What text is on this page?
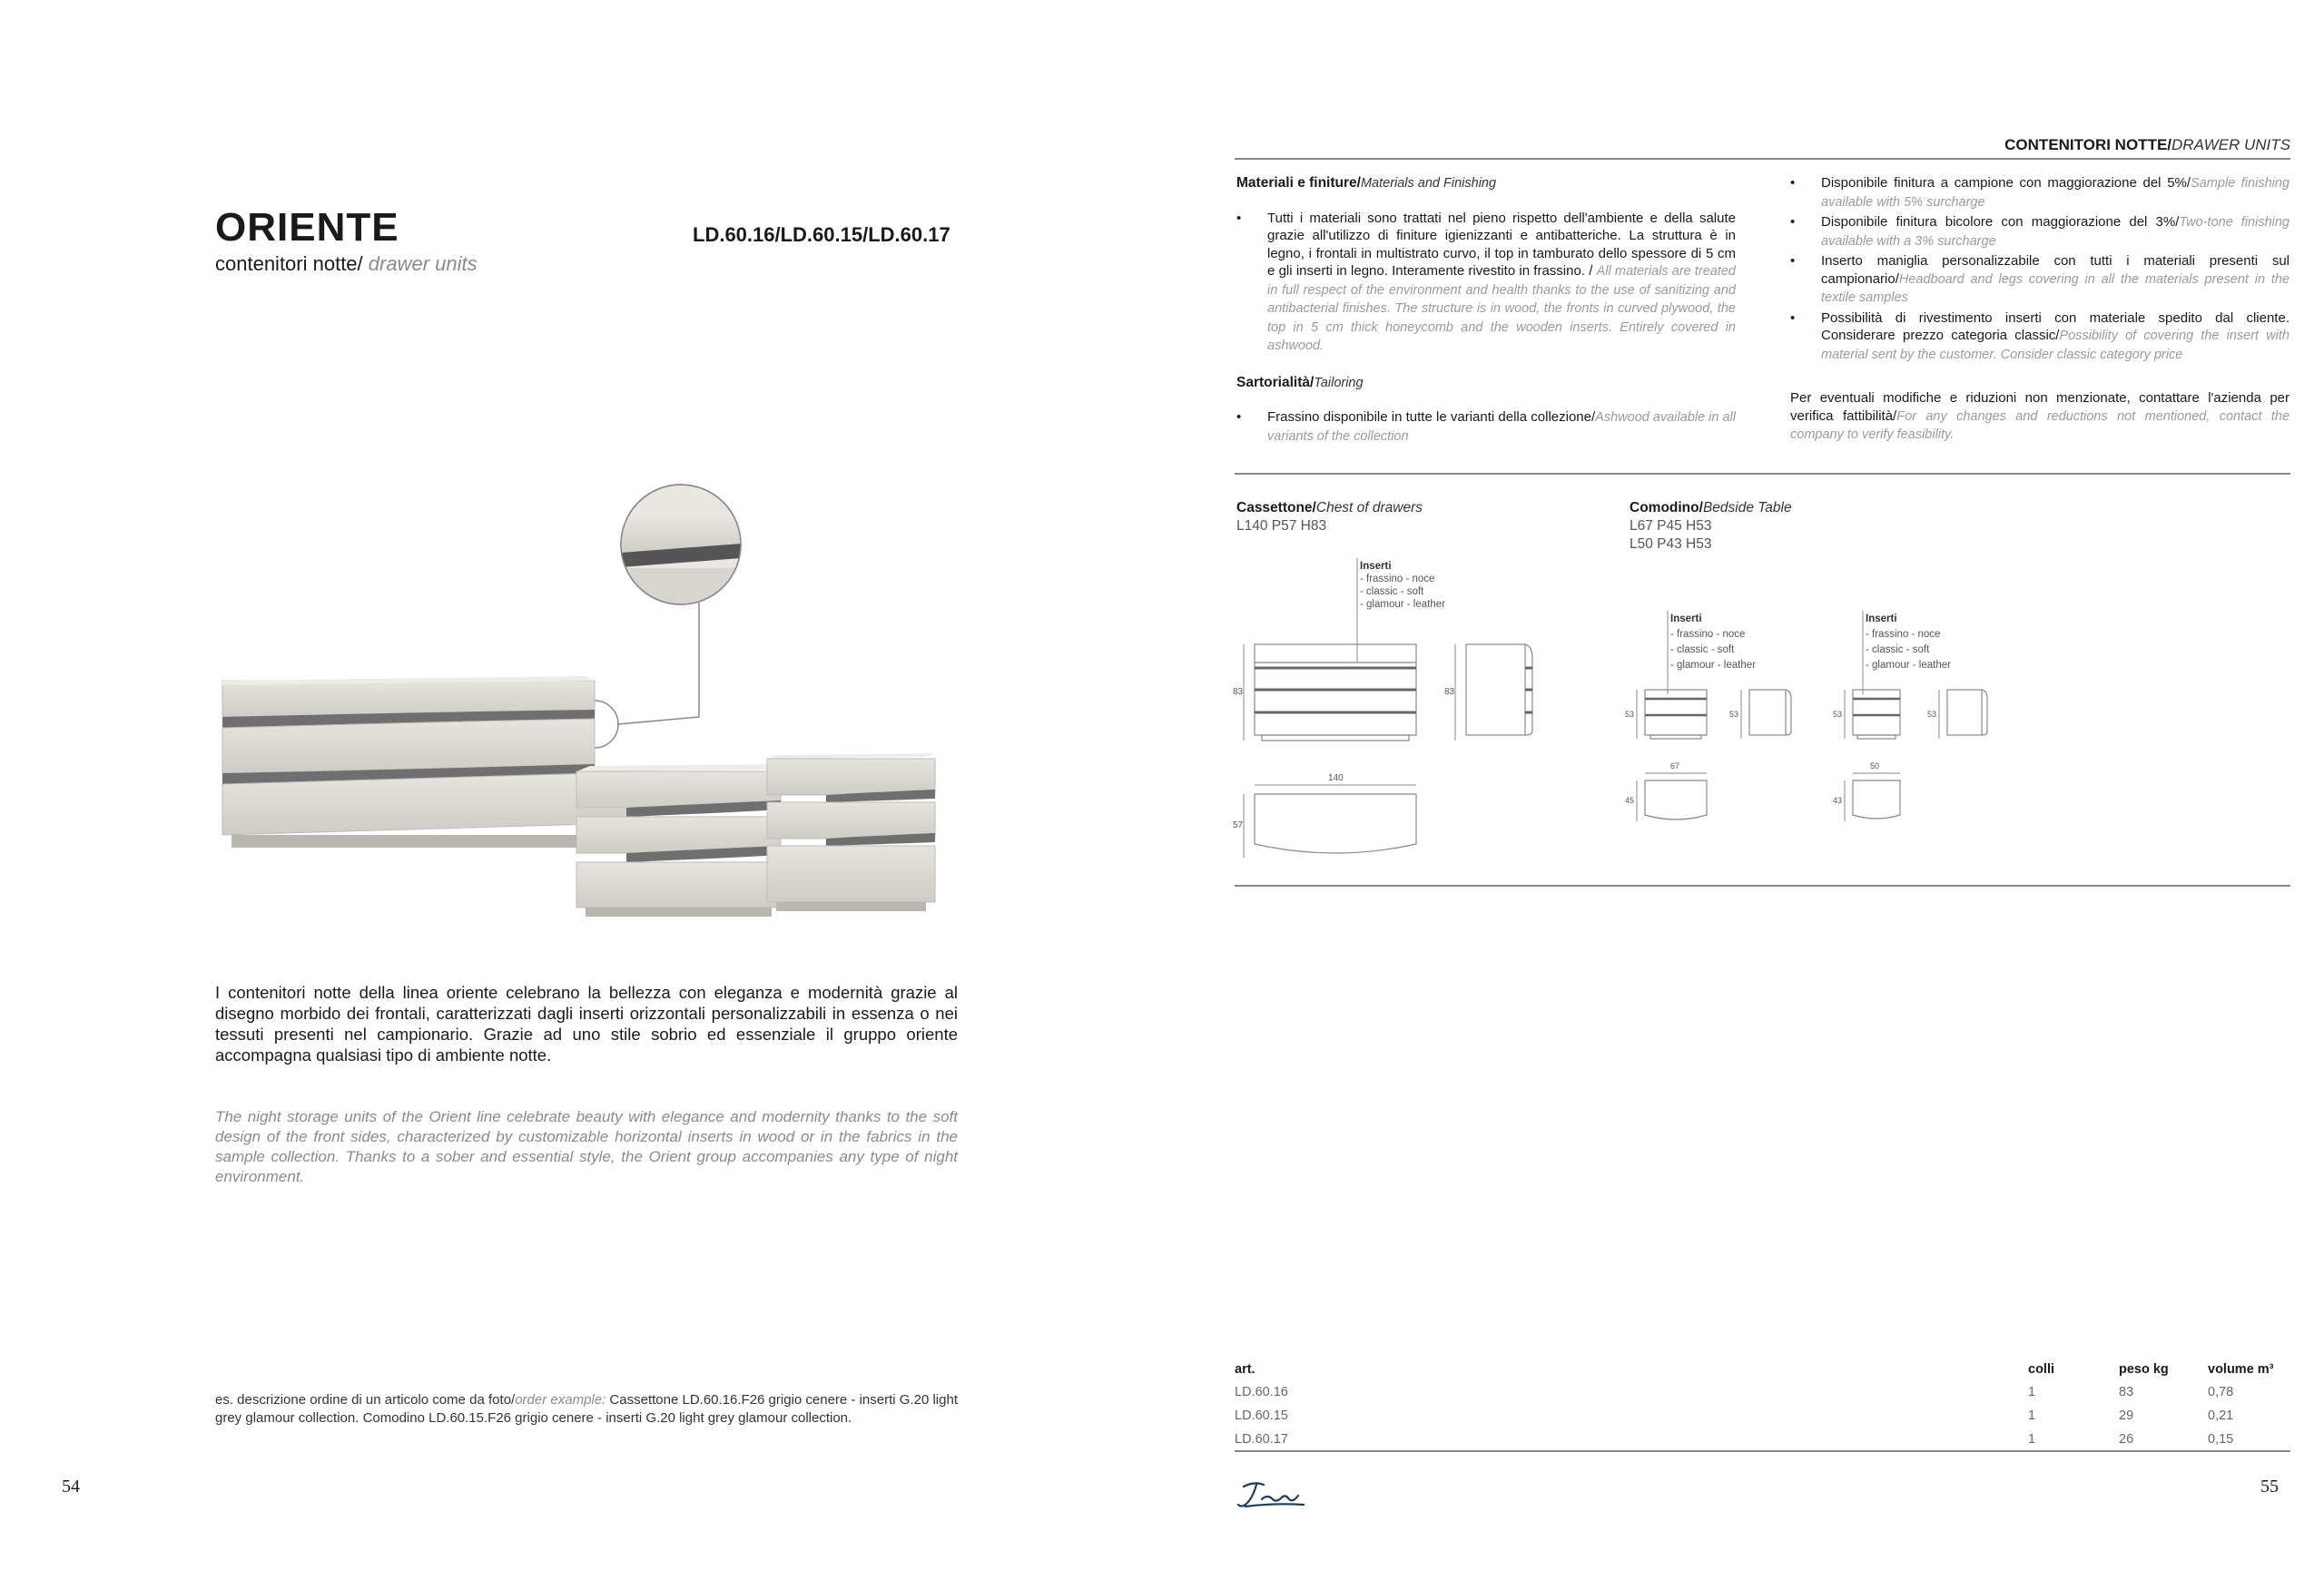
ORIENTE
contenitori notte/ drawer units
LD.60.16/LD.60.15/LD.60.17
I contenitori notte della linea oriente celebrano la bellezza con eleganza e modernità grazie al disegno morbido dei frontali, caratterizzati dagli inserti orizzontali personalizzabili in essenza o nei tessuti presenti nel campionario. Grazie ad uno stile sobrio ed essenziale il gruppo oriente accompagna qualsiasi tipo di ambiente notte.
The night storage units of the Orient line celebrate beauty with elegance and modernity thanks to the soft design of the front sides, characterized by customizable horizontal inserts in wood or in the fabrics in the sample collection. Thanks to a sober and essential style, the Orient group accompanies any type of night environment.
es. descrizione ordine di un articolo come da foto/order example: Cassettone LD.60.16.F26 grigio cenere - inserti G.20 light grey glamour collection. Comodino LD.60.15.F26 grigio cenere - inserti G.20 light grey glamour collection.
54
CONTENITORI NOTTE/DRAWER UNITS
Materiali e finiture/Materials and Finishing
• Tutti i materiali sono trattati nel pieno rispetto dell'ambiente e della salute grazie all'utilizzo di finiture igienizzanti e antibatteriche. La struttura è in legno, i frontali in multistrato curvo, il top in tamburato dello spessore di 5 cm e gli inserti in legno. Interamente rivestito in frassino. / All materials are treated in full respect of the environment and health thanks to the use of sanitizing and antibacterial finishes. The structure is in wood, the fronts in curved plywood, the top in 5 cm thick honeycomb and the wooden inserts. Entirely covered in ashwood.
Sartorialità/Tailoring
• Frassino disponibile in tutte le varianti della collezione/Ashwood available in all variants of the collection
• Disponibile finitura a campione con maggiorazione del 5%/Sample finishing available with 5% surcharge
• Disponibile finitura bicolore con maggiorazione del 3%/Two-tone finishing available with a 3% surcharge
• Inserto maniglia personalizzabile con tutti i materiali presenti sul campionario/Headboard and legs covering in all the materials present in the textile samples
• Possibilità di rivestimento inserti con materiale spedito dal cliente. Considerare prezzo categoria classic/Possibility of covering the insert with material sent by the customer. Consider classic category price
Per eventuali modifiche e riduzioni non menzionate, contattare l'azienda per verifica fattibilità/For any changes and reductions not mentioned, contact the company to verify feasibility.
Cassettone/Chest of drawers
L140 P57 H83
Comodino/Bedside Table
L67 P45 H53
L50 P43 H53
Inserti
- frassino - noce
- classic - soft
- glamour - leather
83	83
140
57
Inserti
- frassino - noce
- classic - soft
- glamour - leather
53	53
67
45
Inserti
- frassino - noce
- classic - soft
- glamour - leather
53	53
50
43
art.	colli	peso kg	volume m³
LD.60.16	1	83	0,78
LD.60.15	1	29	0,21
LD.60.17	1	26	0,15
55
